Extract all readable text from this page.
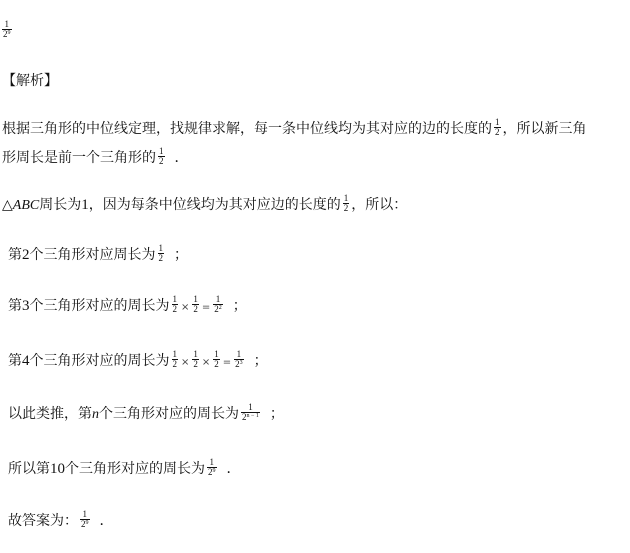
$\frac{1}{2^9}$
【解析】
根据三角形的中位线定理，找规律求解，每一条中位线均为其对应的边的长度的 $\frac{1}{2}$ ，所以新三角
形周长是前一个三角形的 $\frac{1}{2}$ ．
△ABC周长为1，因为每条中位线均为其对应边的长度的 $\frac{1}{2}$ ，所以：
第2个三角形对应周长为 $\frac{1}{2}$ ；
第3个三角形对应的周长为 $\frac{1}{2} \times \frac{1}{2} = \frac{1}{2^2}$ ；
第4个三角形对应的周长为 $\frac{1}{2} \times \frac{1}{2} \times \frac{1}{2} = \frac{1}{2^3}$ ；
以此类推，第n个三角形对应的周长为 $\frac{1}{2^{n - 1}}$ ；
所以第10个三角形对应的周长为 $\frac{1}{2^9}$ ．
故答案为： $\frac{1}{2^9}$ ．
